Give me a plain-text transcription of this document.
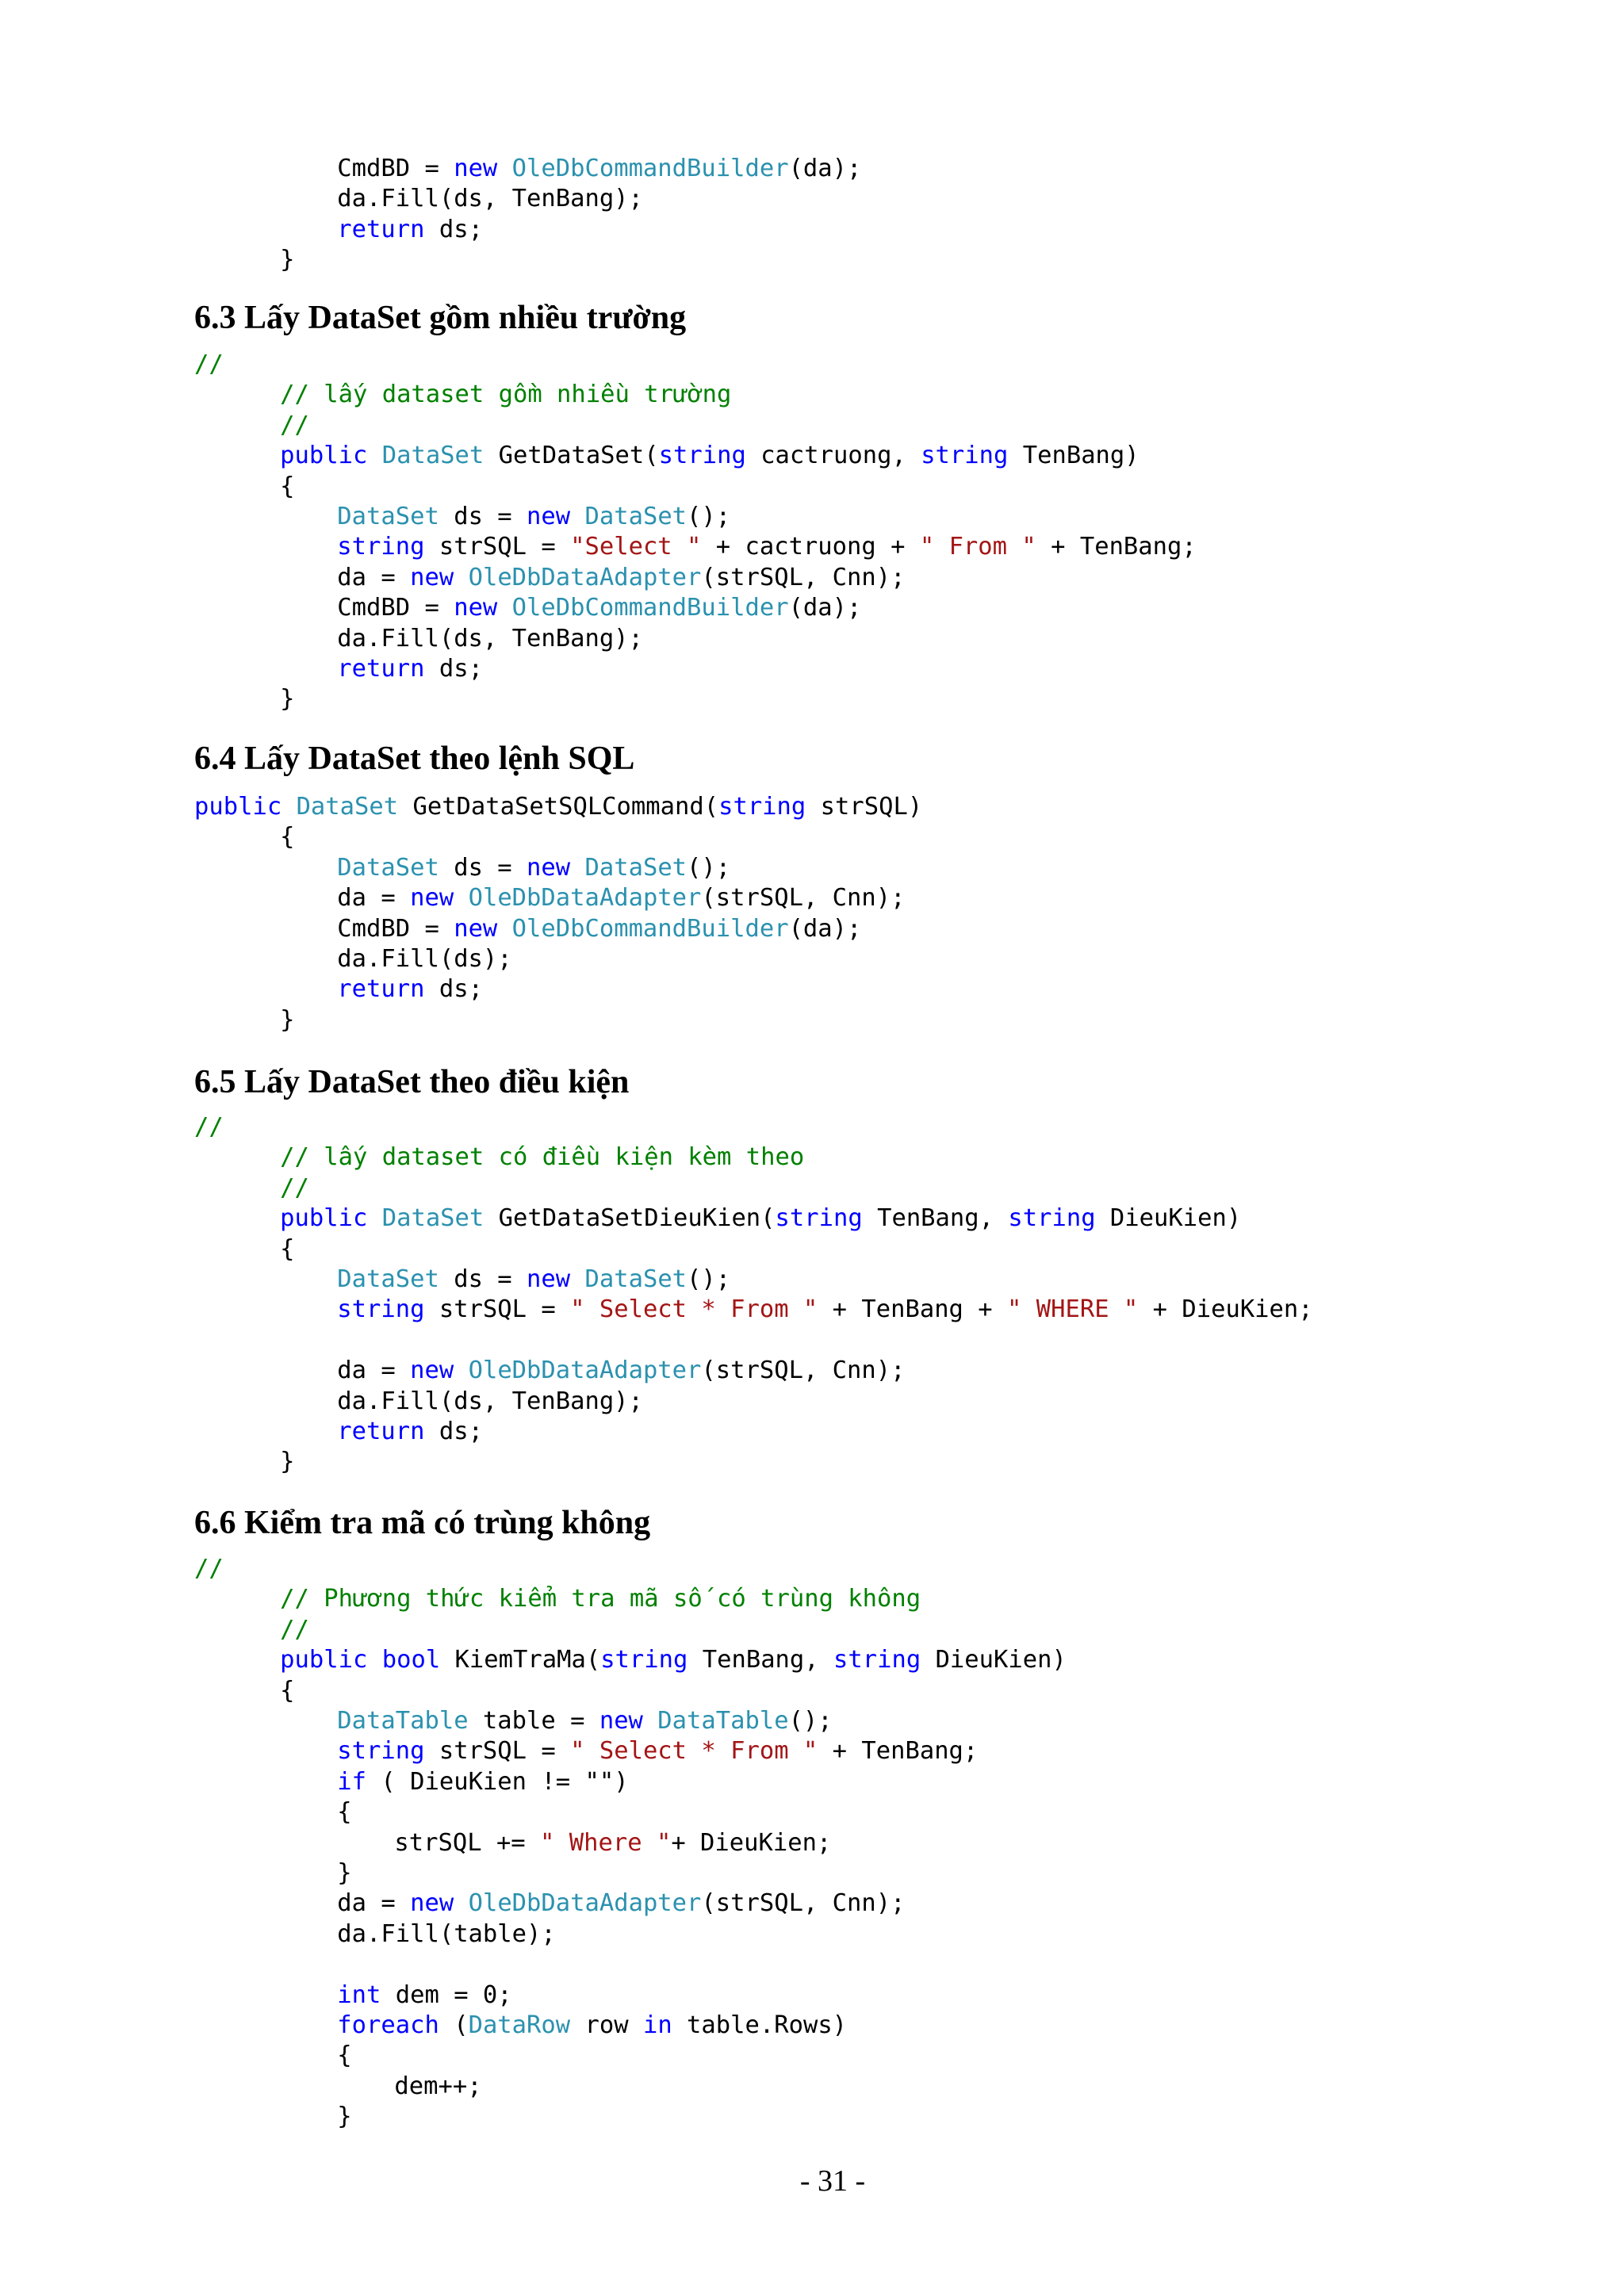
CmdBD = new OleDbCommandBuilder(da);
da.Fill(ds, TenBang);
return ds;
}
6.3 Lấy DataSet gồm nhiều trường
//
// lấy dataset gồm nhiều trường
//
public DataSet GetDataSet(string cactruong, string TenBang)
{
DataSet ds = new DataSet();
string strSQL = "Select " + cactruong + " From " + TenBang;
da = new OleDbDataAdapter(strSQL, Cnn);
CmdBD = new OleDbCommandBuilder(da);
da.Fill(ds, TenBang);
return ds;
}
6.4 Lấy DataSet theo lệnh SQL
public DataSet GetDataSetSQLCommand(string strSQL)
{
DataSet ds = new DataSet();
da = new OleDbDataAdapter(strSQL, Cnn);
CmdBD = new OleDbCommandBuilder(da);
da.Fill(ds);
return ds;
}
6.5 Lấy DataSet theo điều kiện
//
// lấy dataset có điều kiện kèm theo
//
public DataSet GetDataSetDieuKien(string TenBang, string DieuKien)
{
DataSet ds = new DataSet();
string strSQL = " Select * From " + TenBang + " WHERE " + DieuKien;
da = new OleDbDataAdapter(strSQL, Cnn);
da.Fill(ds, TenBang);
return ds;
}
6.6 Kiểm tra mã có trùng không
//
// Phương thức kiểm tra mã số có trùng không
//
public bool KiemTraMa(string TenBang, string DieuKien)
{
DataTable table = new DataTable();
string strSQL = " Select * From " + TenBang;
if ( DieuKien != "")
{
strSQL += " Where "+ DieuKien;
}
da = new OleDbDataAdapter(strSQL, Cnn);
da.Fill(table);
int dem = 0;
foreach (DataRow row in table.Rows)
{
dem++;
}
- 31 -
